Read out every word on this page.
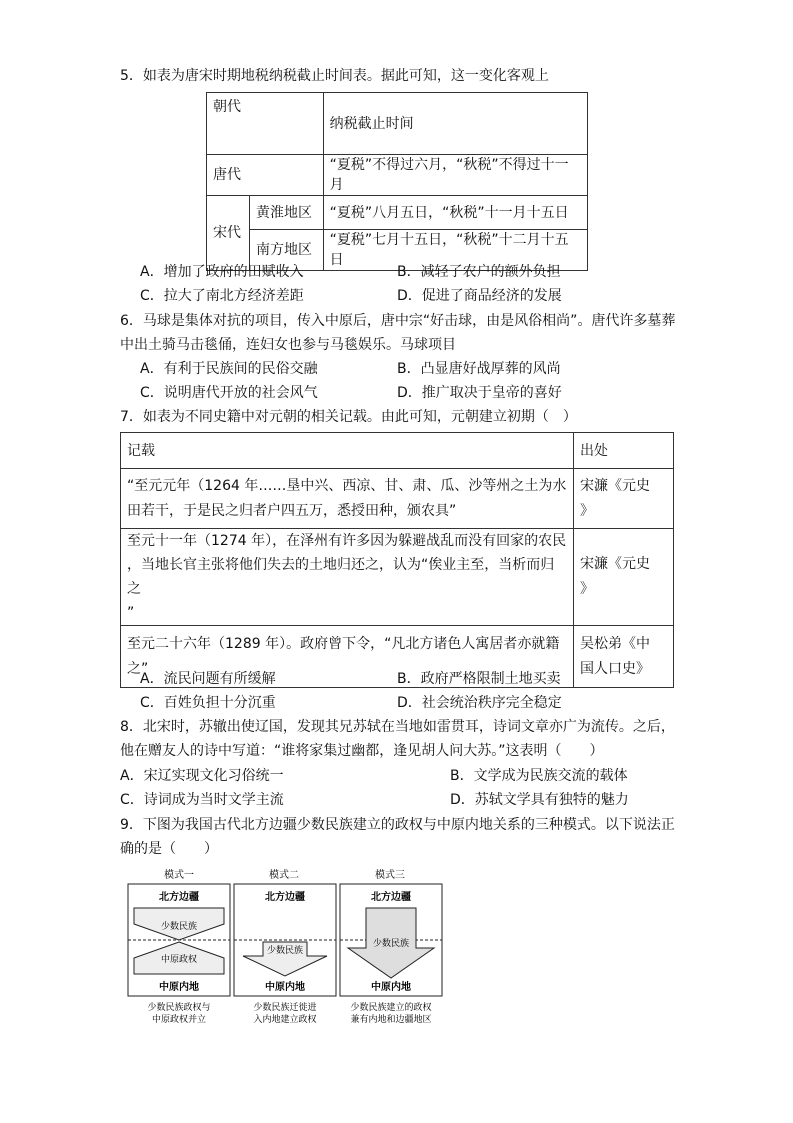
5．如表为唐宋时期地税纳税截止时间表。据此可知，这一变化客观上
朝代		纳税截止时间
唐代		“夏税”不得过六月，“秋税”不得过十一月
宋代	黄淮地区	“夏税”八月五日，“秋税”十一月十五日
	南方地区	“夏税”七月十五日，“秋税”十二月十五日
A．增加了政府的田赋收入	B．减轻了农户的额外负担
C．拉大了南北方经济差距	D．促进了商品经济的发展
6．马球是集体对抗的项目，传入中原后，唐中宗“好击球，由是风俗相尚”。唐代许多墓葬
中出土骑马击毯俑，连妇女也参与马毯娱乐。马球项目
A．有利于民族间的民俗交融	B．凸显唐好战厚葬的风尚
C．说明唐代开放的社会风气	D．推广取决于皇帝的喜好
7．如表为不同史籍中对元朝的相关记载。由此可知，元朝建立初期（　）
记载	出处
“至元元年（1264 年……垦中兴、西凉、甘、肃、瓜、沙等州之土为水
田若干，于是民之归者户四五万，悉授田种，颁农具”	宋濂《元史
》
至元十一年（1274 年），在泽州有许多因为躲避战乱而没有回家的农民
，当地长官主张将他们失去的土地归还之，认为“俟业主至，当析而归之
”	宋濂《元史
》
至元二十六年（1289 年）。政府曾下令，“凡北方诸色人寓居者亦就籍
之”	吴松弟《中
国人口史》
A．流民问题有所缓解	B．政府严格限制土地买卖
C．百姓负担十分沉重	D．社会统治秩序完全稳定
8．北宋时，苏辙出使辽国，发现其兄苏轼在当地如雷贯耳，诗词文章亦广为流传。之后，
他在赠友人的诗中写道：“谁将家集过幽都，逢见胡人问大苏。”这表明（　　）
A．宋辽实现文化习俗统一	B．文学成为民族交流的载体
C．诗词成为当时文学主流	D．苏轼文学具有独特的魅力
9．下图为我国古代北方边疆少数民族建立的政权与中原内地关系的三种模式。以下说法正
确的是（　　）
模式一	模式二	模式三
北方边疆
少数民族
中原政权
中原内地
北方边疆
少数民族
中原内地
北方边疆
少数民族
中原内地
少数民族政权与
中原政权并立
少数民族迁徙进
入内地建立政权
少数民族建立的政权
兼有内地和边疆地区
